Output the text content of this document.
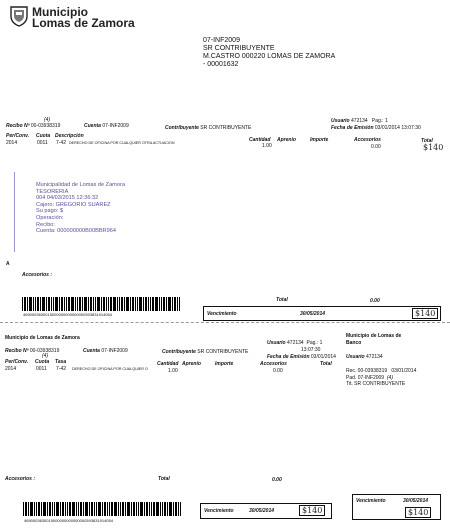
Municipio
Lomas de Zamora
07-INF2009
SR CONTRIBUYENTE
M.CASTRO 000220 LOMAS DE ZAMORA
- 00001632
(4)
Recibo Nº 00-03938319	Cuenta 07-INF2009	Contribuyente SR CONTRIBUYENTE
Usuario 472134 Pag.: 1
Fecha de Emisión 03/01/2014 13:07:30
Per/Conv. Cuota Descripción
Cantidad Aprenio	Importe	Accesorios	Total
2014	0011 7-42 DERECHO DE OFICINA POR CUALQUIER OTRA ACTUACION	1.00	0.00	$140
Municipalidad de Lomas de Zamora
TESORERIA
004 04/03/2015 12:36:32
Cajero: GREGORIO SUAREZ
Su pago: $
Operación:
Recibo:
Cuenta: 000000000B00BBR964
A
Accesorios :
4690003630015000000000000000393831914054
Total	0.00
Vencimiento	30/05/2014	$140
Municipio de Lomas de Zamora	Municipio de Lomas de
Banco
Usuario 472134 Pag.: 1
13:07:30
Recibo Nº 00-03938319	Cuenta 07-INF2009	Contribuyente SR CONTRIBUYENTE
Fecha de Emisión 03/01/2014 Usuario 472134
(4)
Per/Conv. Cuota Tasa	Cantidad Aprenio	Importe	Accesorios	Total
2014	0011 7-42 DERECHO DE OFICINA POR CUALQUIER O	1.00	0.00	Rec. 00-03938319 03/01/2014
Pad. 07-INF2009 (4)
Tit. SR CONTRIBUYENTE
Accesorios :	Total	0.00
4690003630015000000000000000393831914054
Vencimiento	30/05/2014	$140
Vencimiento	30/05/2014
$140
